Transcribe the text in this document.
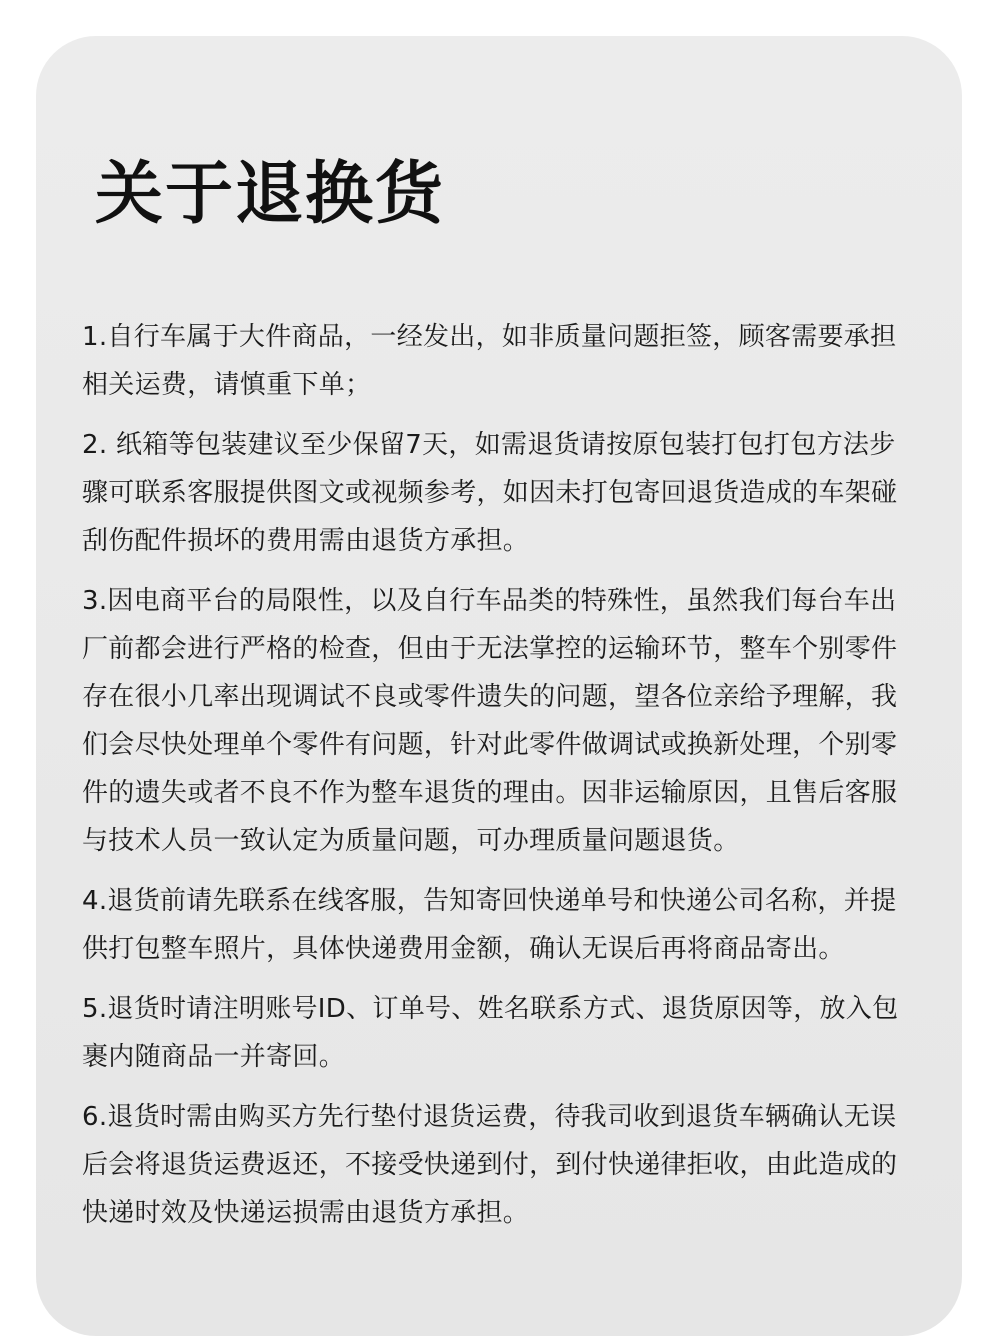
关于退换货

1.自行车属于大件商品，一经发出，如非质量问题拒签，顾客需要承担相关运费，请慎重下单；

2. 纸箱等包装建议至少保留7天，如需退货请按原包装打包打包方法步骤可联系客服提供图文或视频参考，如因未打包寄回退货造成的车架碰刮伤配件损坏的费用需由退货方承担。

3.因电商平台的局限性，以及自行车品类的特殊性，虽然我们每台车出厂前都会进行严格的检查，但由于无法掌控的运输环节，整车个别零件存在很小几率出现调试不良或零件遗失的问题，望各位亲给予理解，我们会尽快处理单个零件有问题，针对此零件做调试或换新处理，个别零件的遗失或者不良不作为整车退货的理由。因非运输原因，且售后客服与技术人员一致认定为质量问题，可办理质量问题退货。

4.退货前请先联系在线客服，告知寄回快递单号和快递公司名称，并提供打包整车照片，具体快递费用金额，确认无误后再将商品寄出。

5.退货时请注明账号ID、订单号、姓名联系方式、退货原因等，放入包裹内随商品一并寄回。

6.退货时需由购买方先行垫付退货运费，待我司收到退货车辆确认无误后会将退货运费返还，不接受快递到付，到付快递律拒收，由此造成的快递时效及快递运损需由退货方承担。
